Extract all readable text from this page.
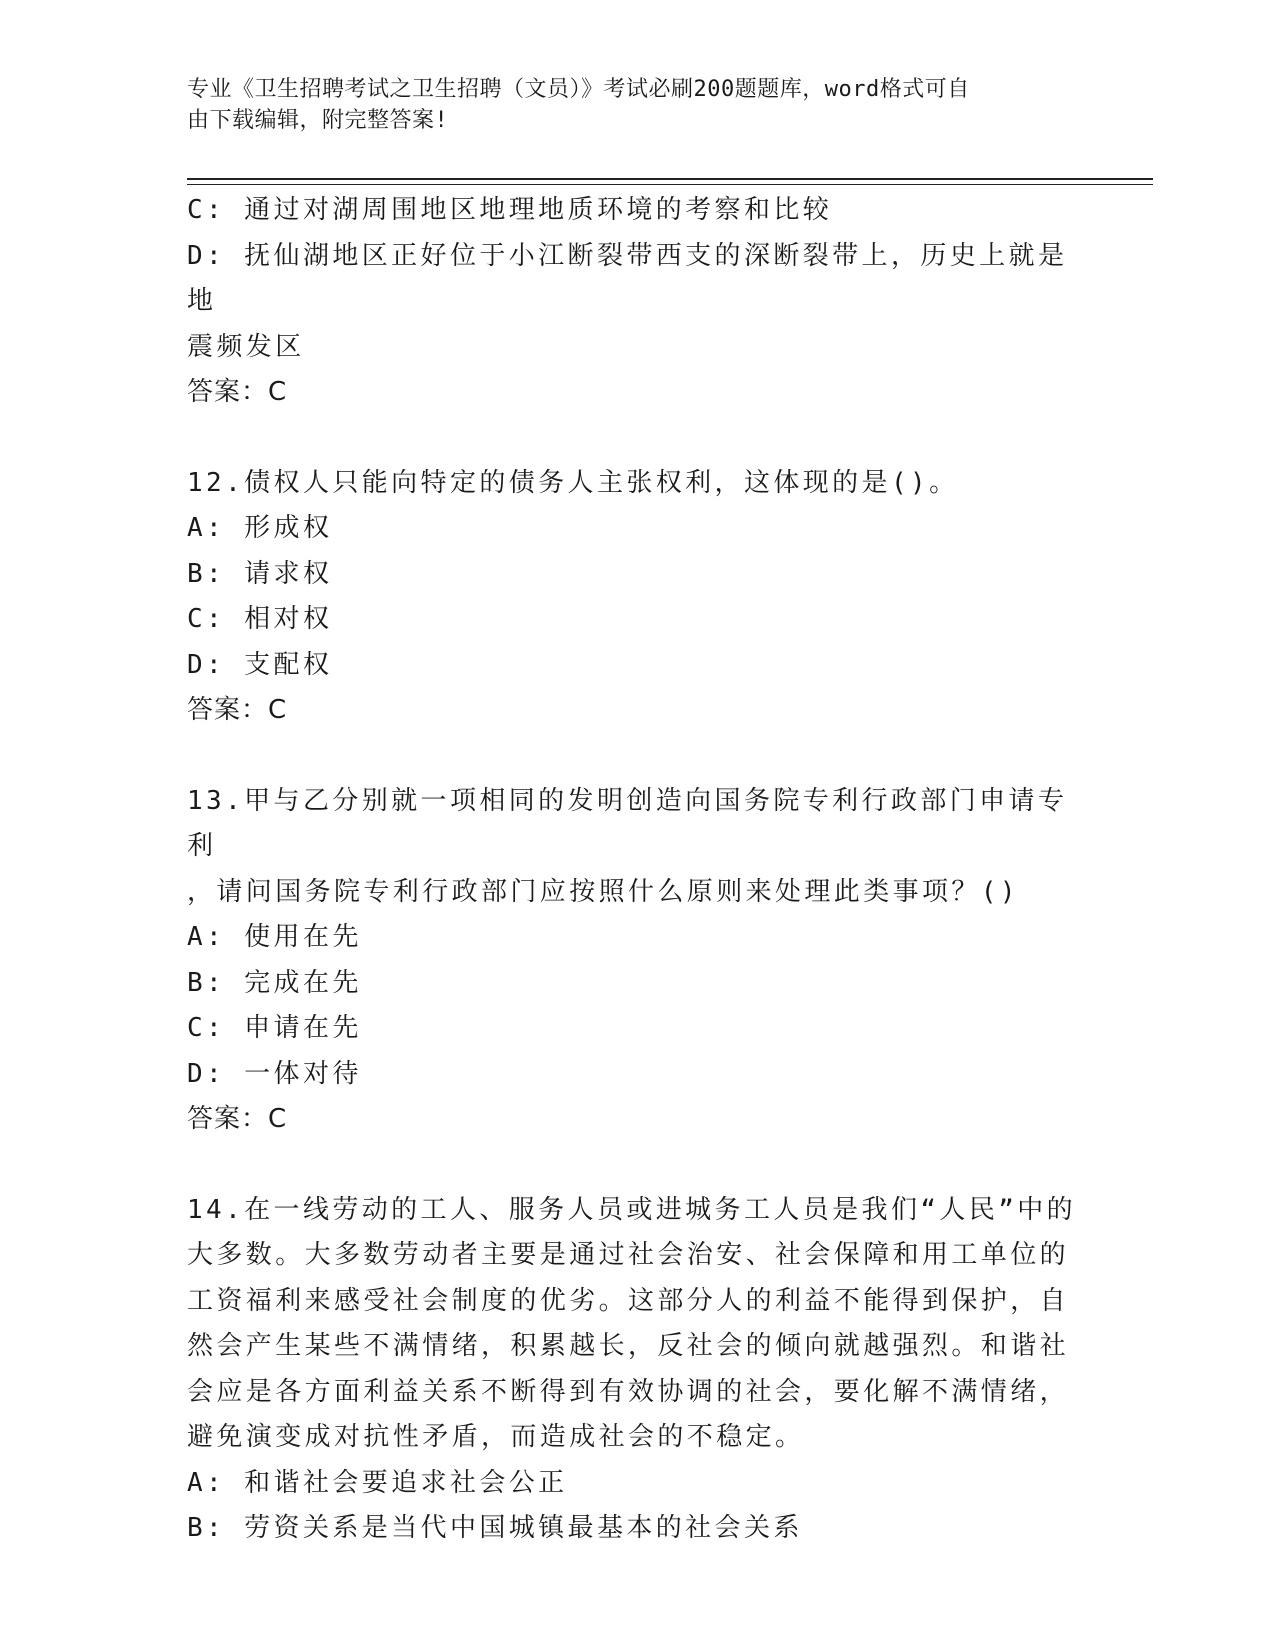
专业《卫生招聘考试之卫生招聘（文员）》考试必刷200题题库，word格式可自
由下载编辑，附完整答案!
C: 通过对湖周围地区地理地质环境的考察和比较
D: 抚仙湖地区正好位于小江断裂带西支的深断裂带上，历史上就是地
震频发区
答案：C
12.债权人只能向特定的债务人主张权利，这体现的是()。
A: 形成权
B: 请求权
C: 相对权
D: 支配权
答案：C
13.甲与乙分别就一项相同的发明创造向国务院专利行政部门申请专利
，请问国务院专利行政部门应按照什么原则来处理此类事项？()
A: 使用在先
B: 完成在先
C: 申请在先
D: 一体对待
答案：C
14.在一线劳动的工人、服务人员或进城务工人员是我们“人民”中的
大多数。大多数劳动者主要是通过社会治安、社会保障和用工单位的
工资福利来感受社会制度的优劣。这部分人的利益不能得到保护，自
然会产生某些不满情绪，积累越长，反社会的倾向就越强烈。和谐社
会应是各方面利益关系不断得到有效协调的社会，要化解不满情绪，
避免演变成对抗性矛盾，而造成社会的不稳定。
A: 和谐社会要追求社会公正
B: 劳资关系是当代中国城镇最基本的社会关系
